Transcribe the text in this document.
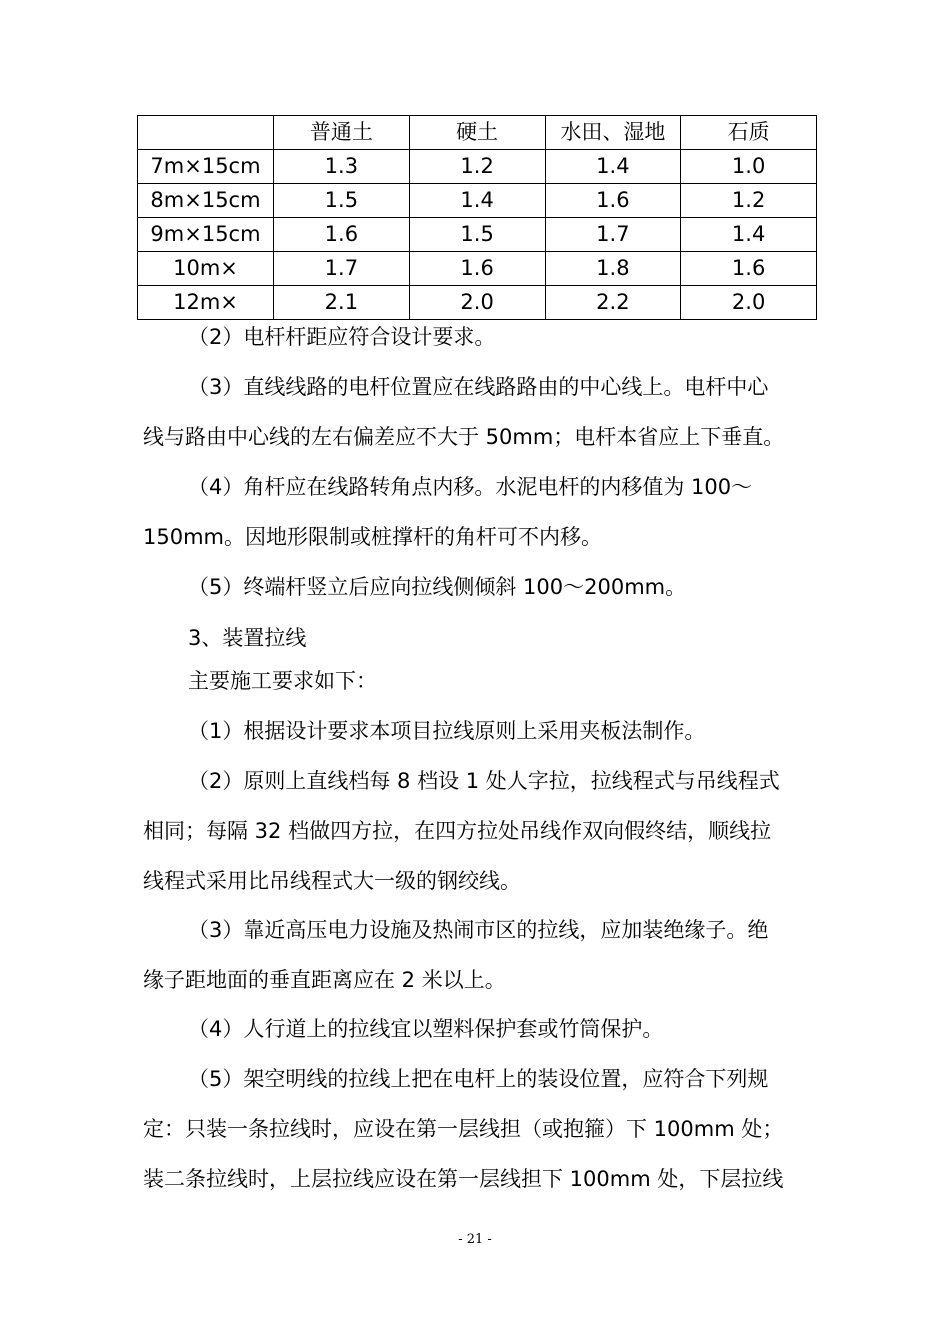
	普通土	硬土	水田、湿地	石质
7m×15cm	1.3	1.2	1.4	1.0
8m×15cm	1.5	1.4	1.6	1.2
9m×15cm	1.6	1.5	1.7	1.4
10m×	1.7	1.6	1.8	1.6
12m×	2.1	2.0	2.2	2.0
（2）电杆杆距应符合设计要求。
（3）直线线路的电杆位置应在线路路由的中心线上。电杆中心
线与路由中心线的左右偏差应不大于 50mm；电杆本省应上下垂直。
（4）角杆应在线路转角点内移。水泥电杆的内移值为 100～
150mm。因地形限制或桩撑杆的角杆可不内移。
（5）终端杆竖立后应向拉线侧倾斜 100～200mm。
3、装置拉线
主要施工要求如下：
（1）根据设计要求本项目拉线原则上采用夹板法制作。
（2）原则上直线档每 8 档设 1 处人字拉，拉线程式与吊线程式
相同；每隔 32 档做四方拉，在四方拉处吊线作双向假终结，顺线拉
线程式采用比吊线程式大一级的钢绞线。
（3）靠近高压电力设施及热闹市区的拉线，应加装绝缘子。绝
缘子距地面的垂直距离应在 2 米以上。
（4）人行道上的拉线宜以塑料保护套或竹筒保护。
（5）架空明线的拉线上把在电杆上的装设位置，应符合下列规
定：只装一条拉线时，应设在第一层线担（或抱箍）下 100mm 处；
装二条拉线时，上层拉线应设在第一层线担下 100mm 处，下层拉线
- 21 -
